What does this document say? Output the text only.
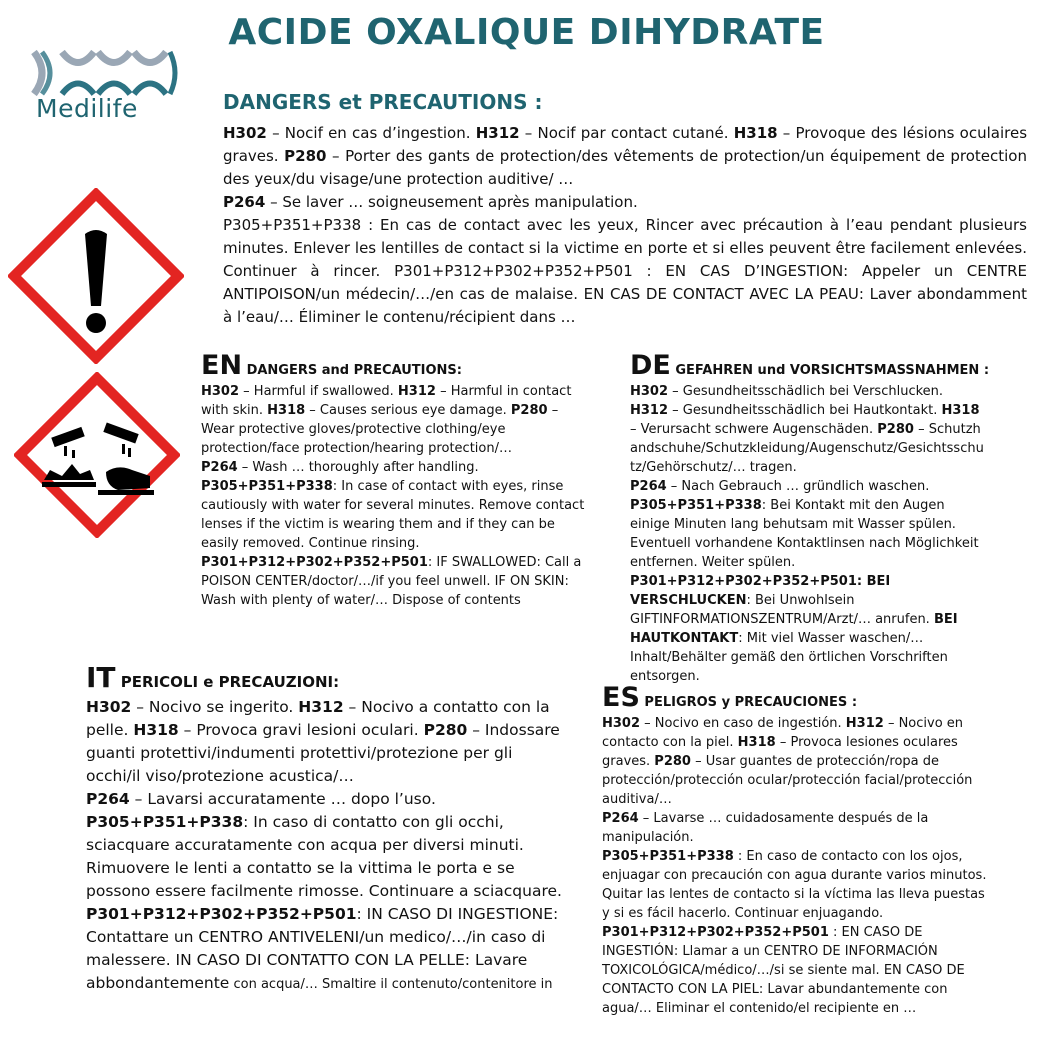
ACIDE OXALIQUE DIHYDRATE
Medilife	DANGERS et PRECAUTIONS :

H302 – Nocif en cas d’ingestion. H312 – Nocif par contact cutané. H318 – Provoque des lésions oculaires graves. P280 – Porter des gants de protection/des vêtements de protection/un équipement de protection des yeux/du visage/une protection auditive/ …

P264 – Se laver … soigneusement après manipulation.

P305+P351+P338 : En cas de contact avec les yeux, Rincer avec précaution à l’eau pendant plusieurs minutes. Enlever les lentilles de contact si la victime en porte et si elles peuvent être facilement enlevées. Continuer à rincer. P301+P312+P302+P352+P501 : EN CAS D’INGESTION: Appeler un CENTRE ANTIPOISON/un médecin/…/en cas de malaise. EN CAS DE CONTACT AVEC LA PEAU: Laver abondamment à l’eau/… Éliminer le contenu/récipient dans …

EN DANGERS and PRECAUTIONS:

H302 – Harmful if swallowed. H312 – Harmful in contact with skin. H318 – Causes serious eye damage. P280 – Wear protective gloves/protective clothing/eye protection/face protection/hearing protection/…

P264 – Wash … thoroughly after handling.

P305+P351+P338: In case of contact with eyes, rinse cautiously with water for several minutes. Remove contact lenses if the victim is wearing them and if they can be easily removed. Continue rinsing.

P301+P312+P302+P352+P501: IF SWALLOWED: Call a POISON CENTER/doctor/…/if you feel unwell. IF ON SKIN: Wash with plenty of water/… Dispose of contents

DE GEFAHREN und VORSICHTSMASSNAHMEN :

H302 – Gesundheitsschädlich bei Verschlucken. H312 – Gesundheitsschädlich bei Hautkontakt. H318 – Verursacht schwere Augenschäden. P280 – Schutzhandschuhe/Schutzkleidung/Augenschutz/Gesichtsschutz/Gehörschutz/… tragen.

P264 – Nach Gebrauch … gründlich waschen.

P305+P351+P338: Bei Kontakt mit den Augen einige Minuten lang behutsam mit Wasser spülen. Eventuell vorhandene Kontaktlinsen nach Möglichkeit entfernen. Weiter spülen.

P301+P312+P302+P352+P501: BEI VERSCHLUCKEN: Bei Unwohlsein GIFTINFORMATIONSZENTRUM/Arzt/… anrufen. BEI HAUTKONTAKT: Mit viel Wasser waschen/… Inhalt/Behälter gemäß den örtlichen Vorschriften entsorgen.

IT PERICOLI e PRECAUZIONI:

H302 – Nocivo se ingerito. H312 – Nocivo a contatto con la pelle. H318 – Provoca gravi lesioni oculari. P280 – Indossare guanti protettivi/indumenti protettivi/protezione per gli occhi/il viso/protezione acustica/…

P264 – Lavarsi accuratamente … dopo l’uso.

P305+P351+P338: In caso di contatto con gli occhi, sciacquare accuratamente con acqua per diversi minuti. Rimuovere le lenti a contatto se la vittima le porta e se possono essere facilmente rimosse. Continuare a sciacquare.

P301+P312+P302+P352+P501: IN CASO DI INGESTIONE: Contattare un CENTRO ANTIVELENI/un medico/…/in caso di malessere. IN CASO DI CONTATTO CON LA PELLE: Lavare abbondantemente con acqua/… Smaltire il contenuto/contenitore in

ES PELIGROS y PRECAUCIONES :

H302 – Nocivo en caso de ingestión. H312 – Nocivo en contacto con la piel. H318 – Provoca lesiones oculares graves. P280 – Usar guantes de protección/ropa de protección/protección ocular/protección facial/protección auditiva/…

P264 – Lavarse … cuidadosamente después de la manipulación.

P305+P351+P338 : En caso de contacto con los ojos, enjuagar con precaución con agua durante varios minutos. Quitar las lentes de contacto si la víctima las lleva puestas y si es fácil hacerlo. Continuar enjuagando.

P301+P312+P302+P352+P501 : EN CASO DE INGESTIÓN: Llamar a un CENTRO DE INFORMACIÓN TOXICOLÓGICA/médico/…/si se siente mal. EN CASO DE CONTACTO CON LA PIEL: Lavar abundantemente con agua/… Eliminar el contenido/el recipiente en …
